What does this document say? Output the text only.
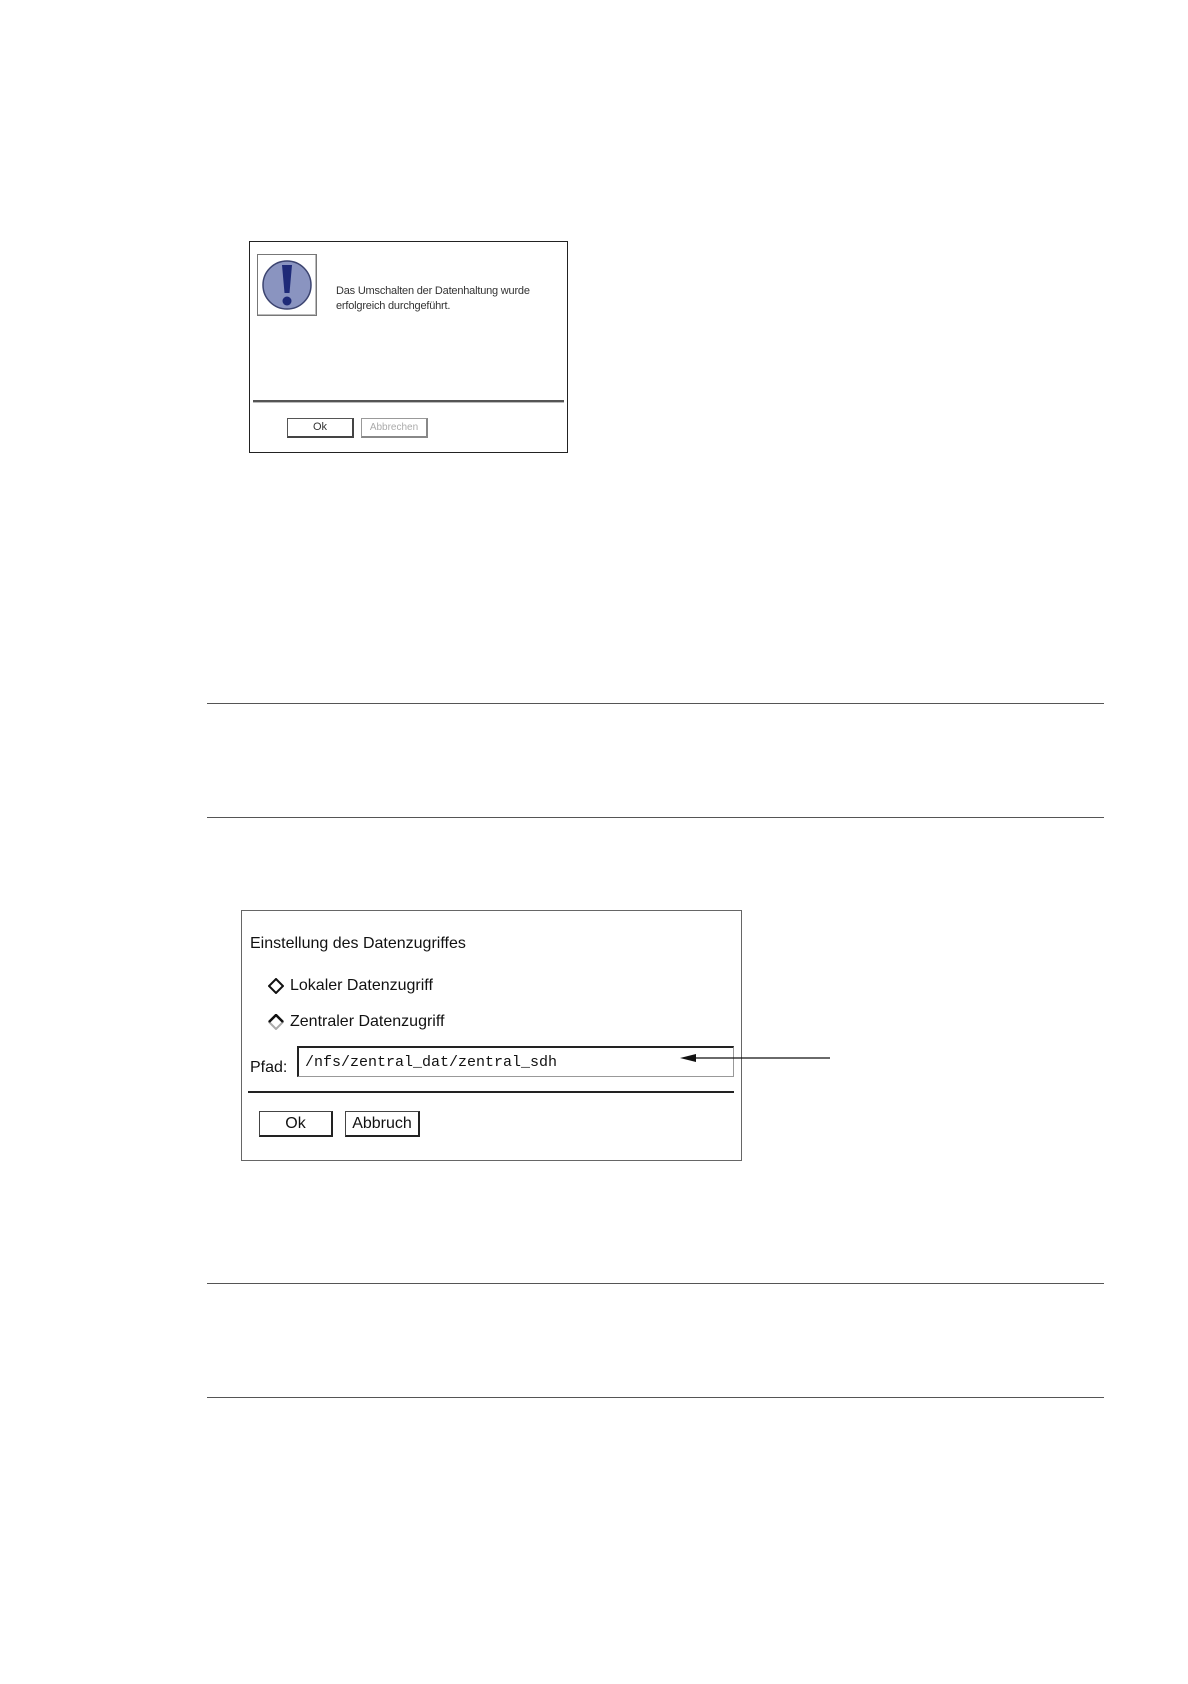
Das Umschalten der Datenhaltung wurde erfolgreich durchgeführt.
Ok	Abbrechen
Einstellung des Datenzugriffes
Lokaler Datenzugriff
Zentraler Datenzugriff
Pfad:
/nfs/zentral_dat/zentral_sdh
Ok	Abbruch
